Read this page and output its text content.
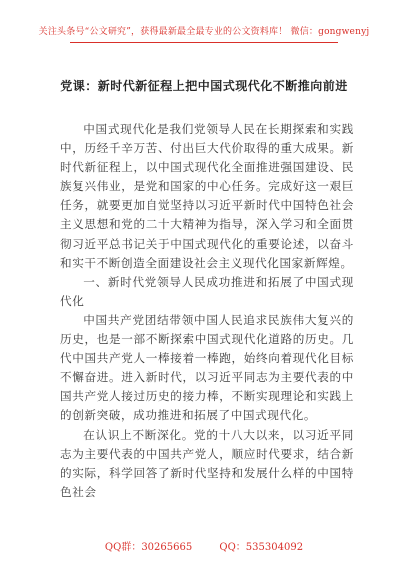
关注头条号“公文研究”，获得最新最全最专业的公文资料库！ 微信：gongwenyj
党课：新时代新征程上把中国式现代化不断推向前进

中国式现代化是我们党领导人民在长期探索和实践中，历经千辛万苦、付出巨大代价取得的重大成果。新时代新征程上，以中国式现代化全面推进强国建设、民族复兴伟业，是党和国家的中心任务。完成好这一艰巨任务，就要更加自觉坚持以习近平新时代中国特色社会主义思想和党的二十大精神为指导，深入学习和全面贯彻习近平总书记关于中国式现代化的重要论述，以奋斗和实干不断创造全面建设社会主义现代化国家新辉煌。

一、新时代党领导人民成功推进和拓展了中国式现代化

中国共产党团结带领中国人民追求民族伟大复兴的历史，也是一部不断探索中国式现代化道路的历史。几代中国共产党人一棒接着一棒跑，始终向着现代化目标不懈奋进。进入新时代，以习近平同志为主要代表的中国共产党人接过历史的接力棒，不断实现理论和实践上的创新突破，成功推进和拓展了中国式现代化。

在认识上不断深化。党的十八大以来，以习近平同志为主要代表的中国共产党人，顺应时代要求，结合新的实际，科学回答了新时代坚持和发展什么样的中国特色社会

QQ群：30265665	QQ：535304092
